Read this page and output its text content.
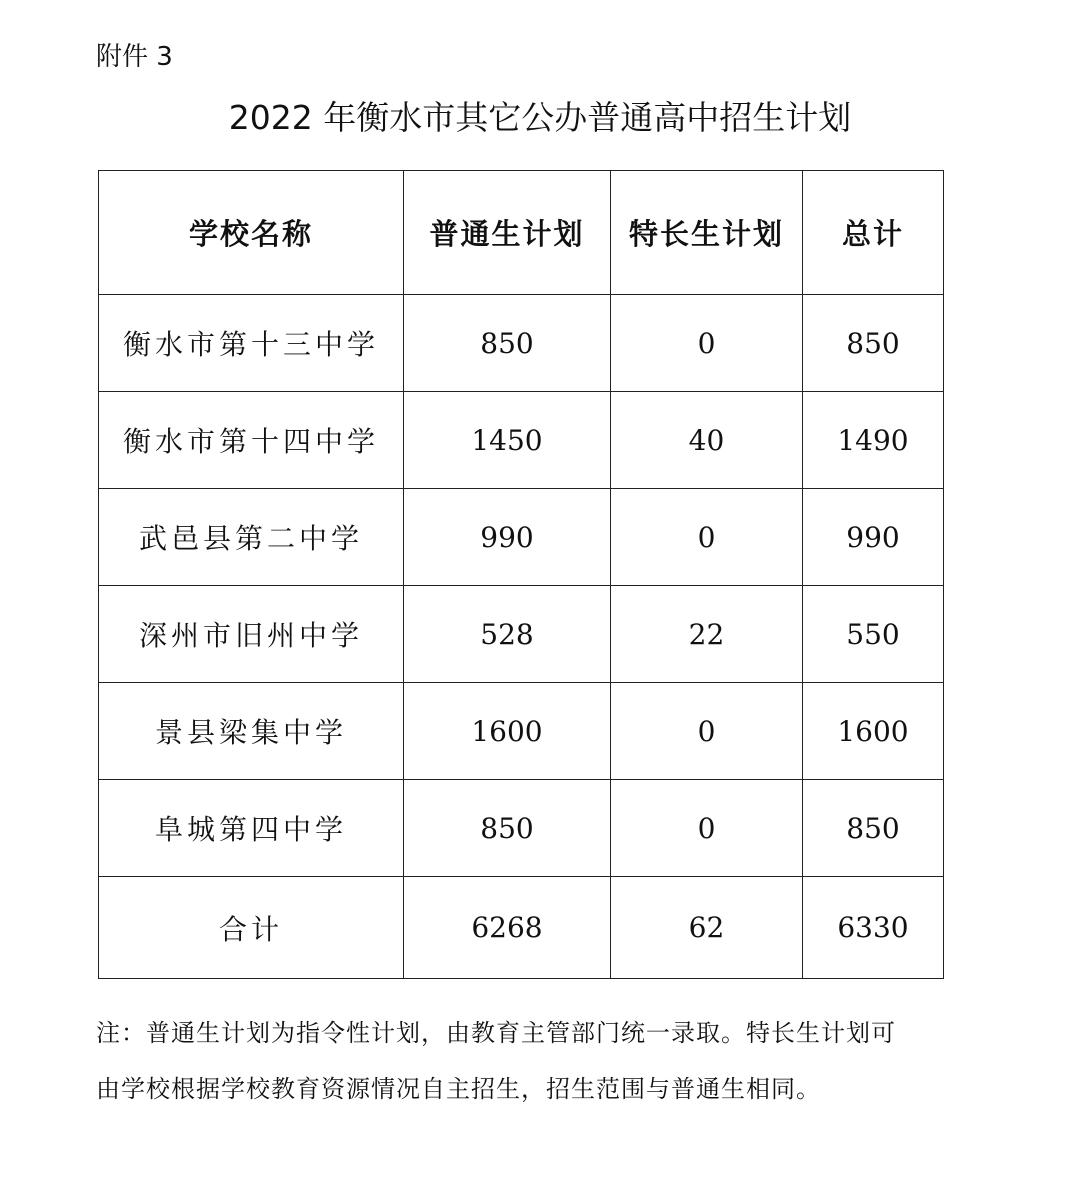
附件 3
2022 年衡水市其它公办普通高中招生计划
学校名称	普通生计划	特长生计划	总计
衡水市第十三中学	850	0	850
衡水市第十四中学	1450	40	1490
武邑县第二中学	990	0	990
深州市旧州中学	528	22	550
景县梁集中学	1600	0	1600
阜城第四中学	850	0	850
合计	6268	62	6330
注：普通生计划为指令性计划，由教育主管部门统一录取。特长生计划可
由学校根据学校教育资源情况自主招生，招生范围与普通生相同。
